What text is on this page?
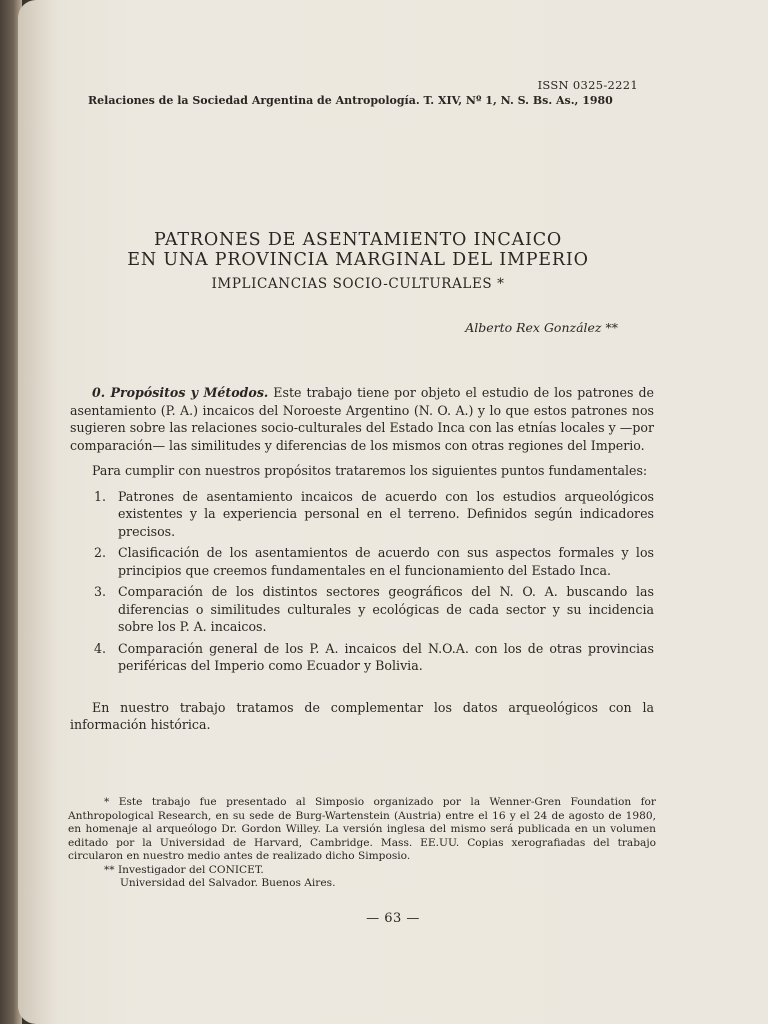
ISSN 0325-2221
Relaciones de la Sociedad Argentina de Antropología. T. XIV, Nº 1, N. S. Bs. As., 1980
PATRONES DE ASENTAMIENTO INCAICO
EN UNA PROVINCIA MARGINAL DEL IMPERIO
IMPLICANCIAS SOCIO-CULTURALES *
Alberto Rex González **

0. Propósitos y Métodos. Este trabajo tiene por objeto el estudio de los patrones de asentamiento (P. A.) incaicos del Noroeste Argentino (N. O. A.) y lo que estos patrones nos sugieren sobre las relaciones socio-culturales del Estado Inca con las etnías locales y —por comparación— las similitudes y diferencias de los mismos con otras regiones del Imperio.

Para cumplir con nuestros propósitos trataremos los siguientes puntos fundamentales:

1. Patrones de asentamiento incaicos de acuerdo con los estudios arqueológicos existentes y la experiencia personal en el terreno. Definidos según indicadores precisos.
2. Clasificación de los asentamientos de acuerdo con sus aspectos formales y los principios que creemos fundamentales en el funcionamiento del Estado Inca.
3. Comparación de los distintos sectores geográficos del N. O. A. buscando las diferencias o similitudes culturales y ecológicas de cada sector y su incidencia sobre los P. A. incaicos.
4. Comparación general de los P. A. incaicos del N.O.A. con los de otras provincias periféricas del Imperio como Ecuador y Bolivia.

En nuestro trabajo tratamos de complementar los datos arqueológicos con la información histórica.

* Este trabajo fue presentado al Simposio organizado por la Wenner-Gren Foundation for Anthropological Research, en su sede de Burg-Wartenstein (Austria) entre el 16 y el 24 de agosto de 1980, en homenaje al arqueólogo Dr. Gordon Willey. La versión inglesa del mismo será publicada en un volumen editado por la Universidad de Harvard, Cambridge. Mass. EE.UU. Copias xerografiadas del trabajo circularon en nuestro medio antes de realizado dicho Simposio.

** Investigador del CONICET.

Universidad del Salvador. Buenos Aires.

— 63 —
